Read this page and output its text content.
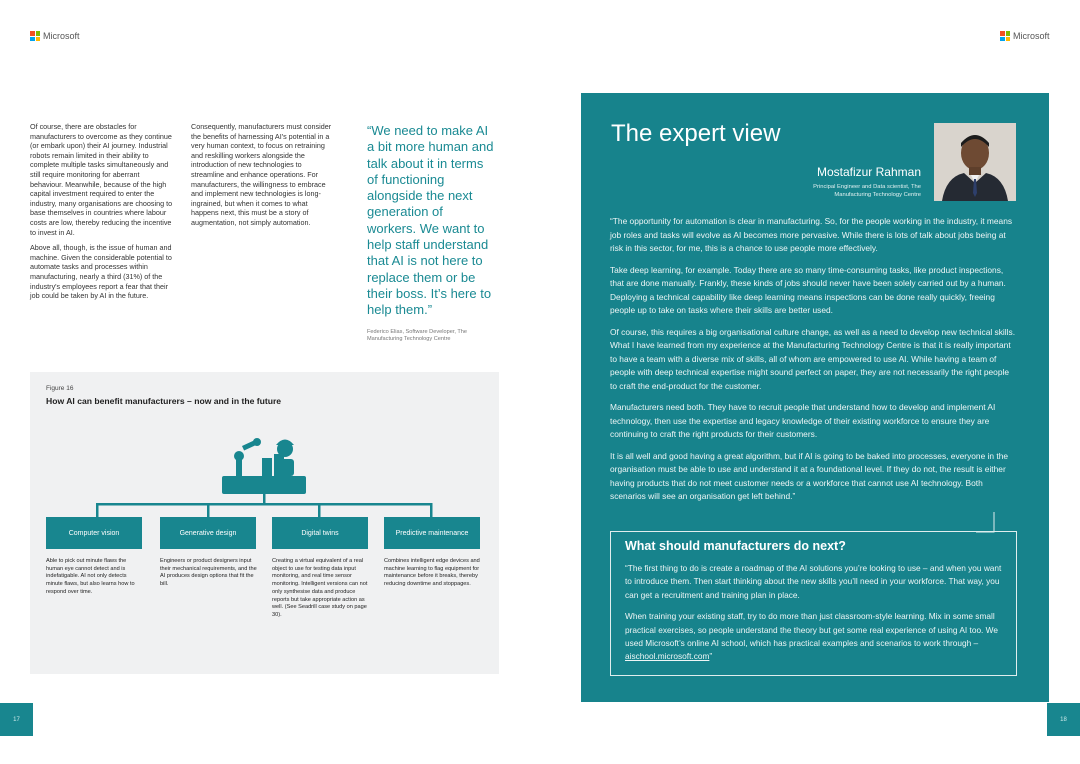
Microsoft	Microsoft

Of course, there are obstacles for manufacturers to overcome as they continue (or embark upon) their AI journey. Industrial robots remain limited in their ability to complete multiple tasks simultaneously and still require monitoring for aberrant behaviour. Meanwhile, because of the high capital investment required to enter the industry, many organisations are choosing to base themselves in countries where labour costs are low, thereby reducing the incentive to invest in AI.

Above all, though, is the issue of human and machine. Given the considerable potential to automate tasks and processes within manufacturing, nearly a third (31%) of the industry's employees report a fear that their job could be taken by AI in the future.

Consequently, manufacturers must consider the benefits of harnessing AI's potential in a very human context, to focus on retraining and reskilling workers alongside the introduction of new technologies to streamline and enhance operations. For manufacturers, the willingness to embrace and implement new technologies is long-ingrained, but when it comes to what happens next, this must be a story of augmentation, not simply automation.

“We need to make AI a bit more human and talk about it in terms of functioning alongside the next generation of workers. We want to help staff understand that AI is not here to replace them or be their boss. It’s here to help them.”
Federico Elias, Software Developer, The Manufacturing Technology Centre
Figure 16
How AI can benefit manufacturers – now and in the future
Computer vision	Generative design	Digital twins	Predictive maintenance
Able to pick out minute flaws the human eye cannot detect and is indefatigable. AI not only detects minute flaws, but also learns how to respond over time.
Engineers or product designers input their mechanical requirements, and the AI produces design options that fit the bill.
Creating a virtual equivalent of a real object to use for testing data input monitoring, and real time sensor monitoring. Intelligent versions can not only synthesise data and produce reports but take appropriate action as well. (See Seadrill case study on page 30).
Combines intelligent edge devices and machine learning to flag equipment for maintenance before it breaks, thereby reducing downtime and stoppages.
The expert view
Mostafizur Rahman
Principal Engineer and Data scientist, The Manufacturing Technology Centre

“The opportunity for automation is clear in manufacturing. So, for the people working in the industry, it means job roles and tasks will evolve as AI becomes more pervasive. While there is lots of talk about jobs being at risk in this sector, for me, this is a chance to use people more effectively.

Take deep learning, for example. Today there are so many time-consuming tasks, like product inspections, that are done manually. Frankly, these kinds of jobs should never have been solely carried out by a human. Deploying a technical capability like deep learning means inspections can be done really quickly, freeing people up to take on tasks where their skills are better used.

Of course, this requires a big organisational culture change, as well as a need to develop new technical skills. What I have learned from my experience at the Manufacturing Technology Centre is that it is really important to have a team with a diverse mix of skills, all of whom are empowered to use AI. While having a team of people with deep technical expertise might sound perfect on paper, they are not necessarily the right people to craft the end-product for the customer.

Manufacturers need both. They have to recruit people that understand how to develop and implement AI technology, then use the expertise and legacy knowledge of their existing workforce to ensure they are continuing to craft the right products for their customers.

It is all well and good having a great algorithm, but if AI is going to be baked into processes, everyone in the organisation must be able to use and understand it at a foundational level. If they do not, the result is either having products that do not meet customer needs or a workforce that cannot use AI technology. Both scenarios will see an organisation get left behind.”

What should manufacturers do next?

“The first thing to do is create a roadmap of the AI solutions you’re looking to use – and when you want to introduce them. Then start thinking about the new skills you’ll need in your workforce. That way, you can get a recruitment and training plan in place.

When training your existing staff, try to do more than just classroom-style learning. Mix in some small practical exercises, so people understand the theory but get some real experience of using AI too. We used Microsoft’s online AI school, which has practical examples and scenarios to work through – aischool.microsoft.com”

17	18
